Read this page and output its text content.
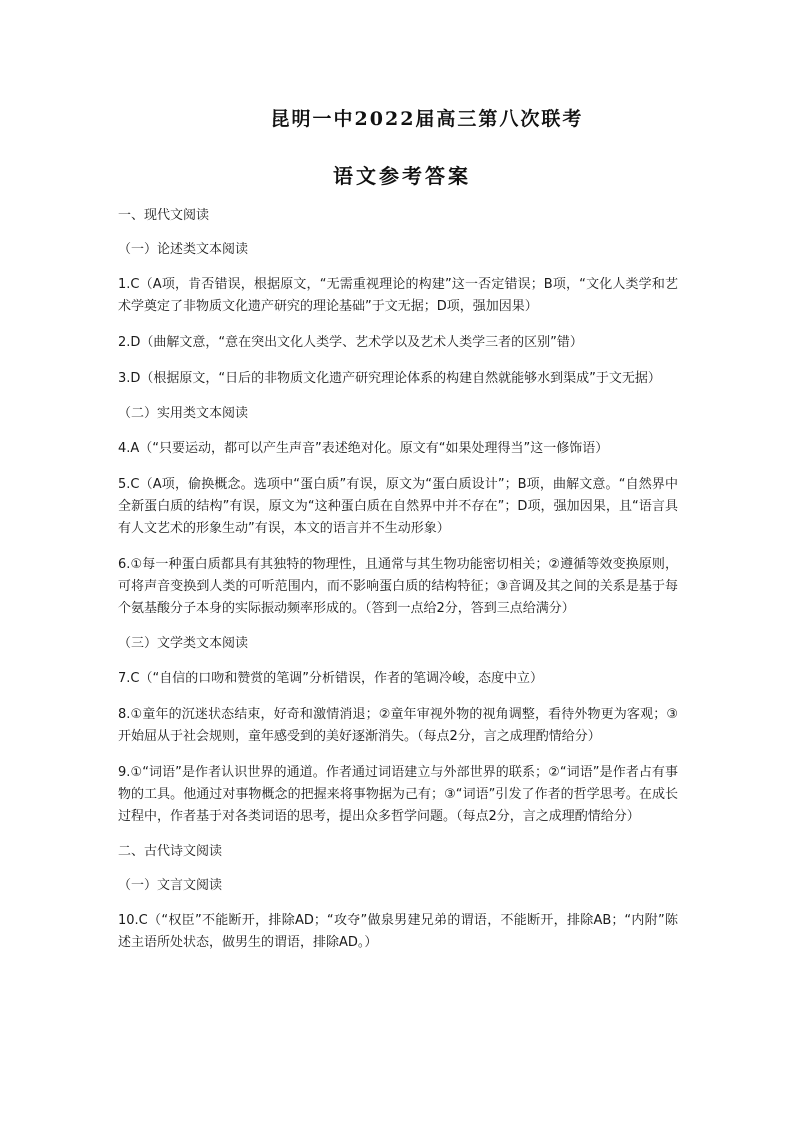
昆明一中2022届高三第八次联考
语文参考答案

一、现代文阅读

（一）论述类文本阅读

1.C（A项，肯否错误，根据原文，“无需重视理论的构建”这一否定错误；B项，“文化人类学和艺术学奠定了非物质文化遗产研究的理论基础”于文无据；D项，强加因果）

2.D（曲解文意，“意在突出文化人类学、艺术学以及艺术人类学三者的区别”错）

3.D（根据原文，“日后的非物质文化遗产研究理论体系的构建自然就能够水到渠成”于文无据）

（二）实用类文本阅读

4.A（“只要运动，都可以产生声音”表述绝对化。原文有“如果处理得当”这一修饰语）

5.C（A项，偷换概念。选项中“蛋白质”有误，原文为“蛋白质设计”；B项，曲解文意。“自然界中全新蛋白质的结构”有误，原文为“这种蛋白质在自然界中并不存在”；D项，强加因果，且“语言具有人文艺术的形象生动”有误，本文的语言并不生动形象）

6.①每一种蛋白质都具有其独特的物理性，且通常与其生物功能密切相关；②遵循等效变换原则，可将声音变换到人类的可听范围内，而不影响蛋白质的结构特征；③音调及其之间的关系是基于每个氨基酸分子本身的实际振动频率形成的。（答到一点给2分，答到三点给满分）

（三）文学类文本阅读

7.C（“自信的口吻和赞赏的笔调”分析错误，作者的笔调冷峻，态度中立）

8.①童年的沉迷状态结束，好奇和激情消退；②童年审视外物的视角调整，看待外物更为客观；③开始屈从于社会规则，童年感受到的美好逐渐消失。（每点2分，言之成理酌情给分）

9.①“词语”是作者认识世界的通道。作者通过词语建立与外部世界的联系；②“词语”是作者占有事物的工具。他通过对事物概念的把握来将事物据为己有；③“词语”引发了作者的哲学思考。在成长过程中，作者基于对各类词语的思考，提出众多哲学问题。（每点2分，言之成理酌情给分）

二、古代诗文阅读

（一）文言文阅读

10.C（“权臣”不能断开，排除AD；“攻夺”做泉男建兄弟的谓语，不能断开，排除AB；“内附”陈述主语所处状态，做男生的谓语，排除AD。）
